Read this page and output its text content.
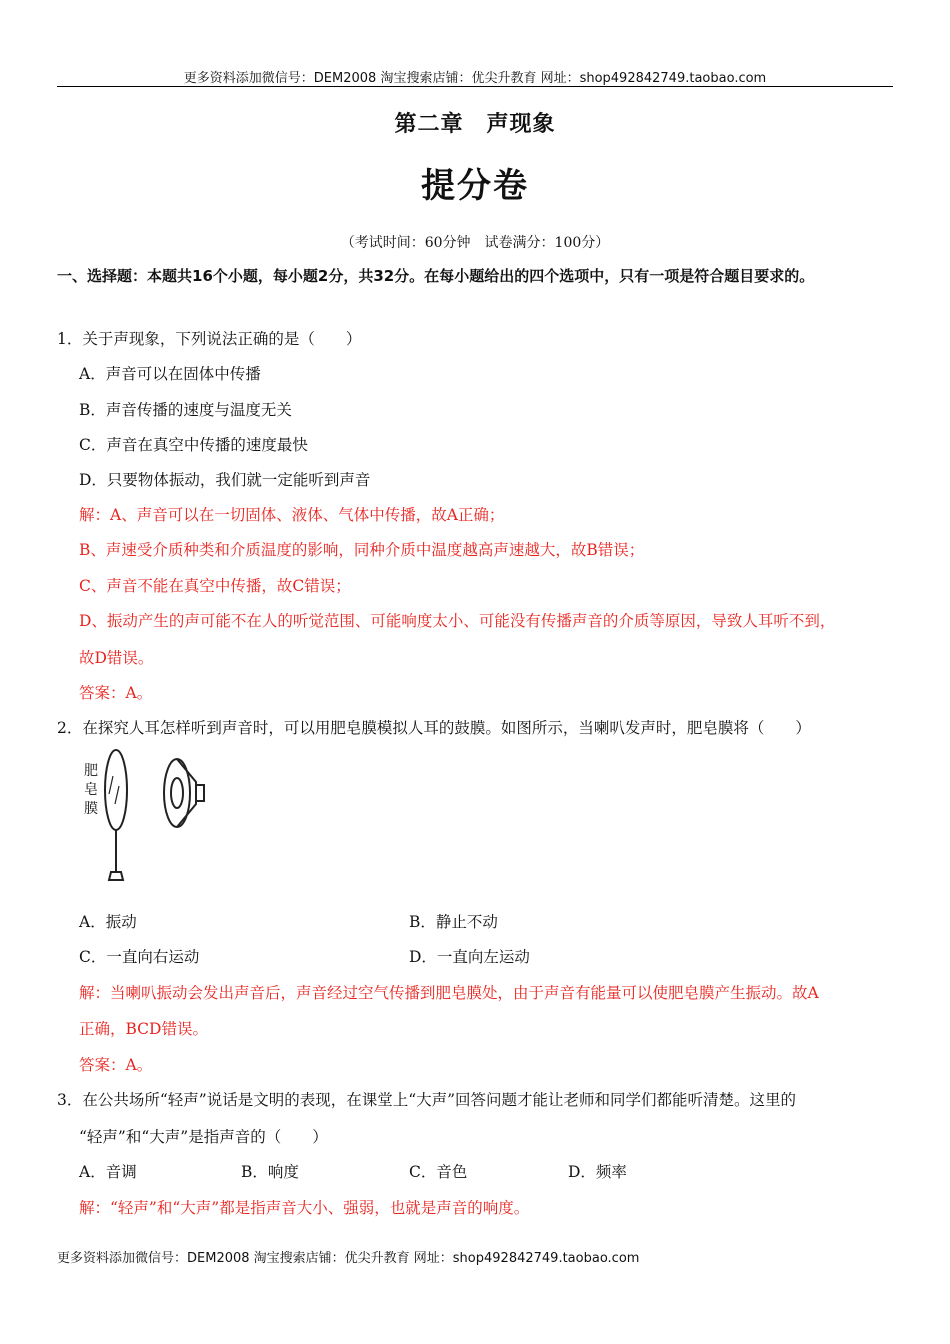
更多资料添加微信号：DEM2008 淘宝搜索店铺：优尖升教育 网址：shop492842749.taobao.com
第二章　声现象
提分卷
（考试时间：60分钟　试卷满分：100分）
一、选择题：本题共16个小题，每小题2分，共32分。在每小题给出的四个选项中，只有一项是符合题目要求的。
1．关于声现象，下列说法正确的是（　　）
A．声音可以在固体中传播
B．声音传播的速度与温度无关
C．声音在真空中传播的速度最快
D．只要物体振动，我们就一定能听到声音
解：A、声音可以在一切固体、液体、气体中传播，故A正确；
B、声速受介质种类和介质温度的影响，同种介质中温度越高声速越大，故B错误；
C、声音不能在真空中传播，故C错误；
D、振动产生的声可能不在人的听觉范围、可能响度太小、可能没有传播声音的介质等原因，导致人耳听不到，
故D错误。
答案：A。
2．在探究人耳怎样听到声音时，可以用肥皂膜模拟人耳的鼓膜。如图所示，当喇叭发声时，肥皂膜将（　　）
肥
皂
膜
A．振动	B．静止不动
C．一直向右运动	D．一直向左运动
解：当喇叭振动会发出声音后，声音经过空气传播到肥皂膜处，由于声音有能量可以使肥皂膜产生振动。故A
正确，BCD错误。
答案：A。
3．在公共场所“轻声”说话是文明的表现，在课堂上“大声”回答问题才能让老师和同学们都能听清楚。这里的
“轻声”和“大声”是指声音的（　　）
A．音调	B．响度	C．音色	D．频率
解：“轻声”和“大声”都是指声音大小、强弱，也就是声音的响度。
更多资料添加微信号：DEM2008 淘宝搜索店铺：优尖升教育 网址：shop492842749.taobao.com
